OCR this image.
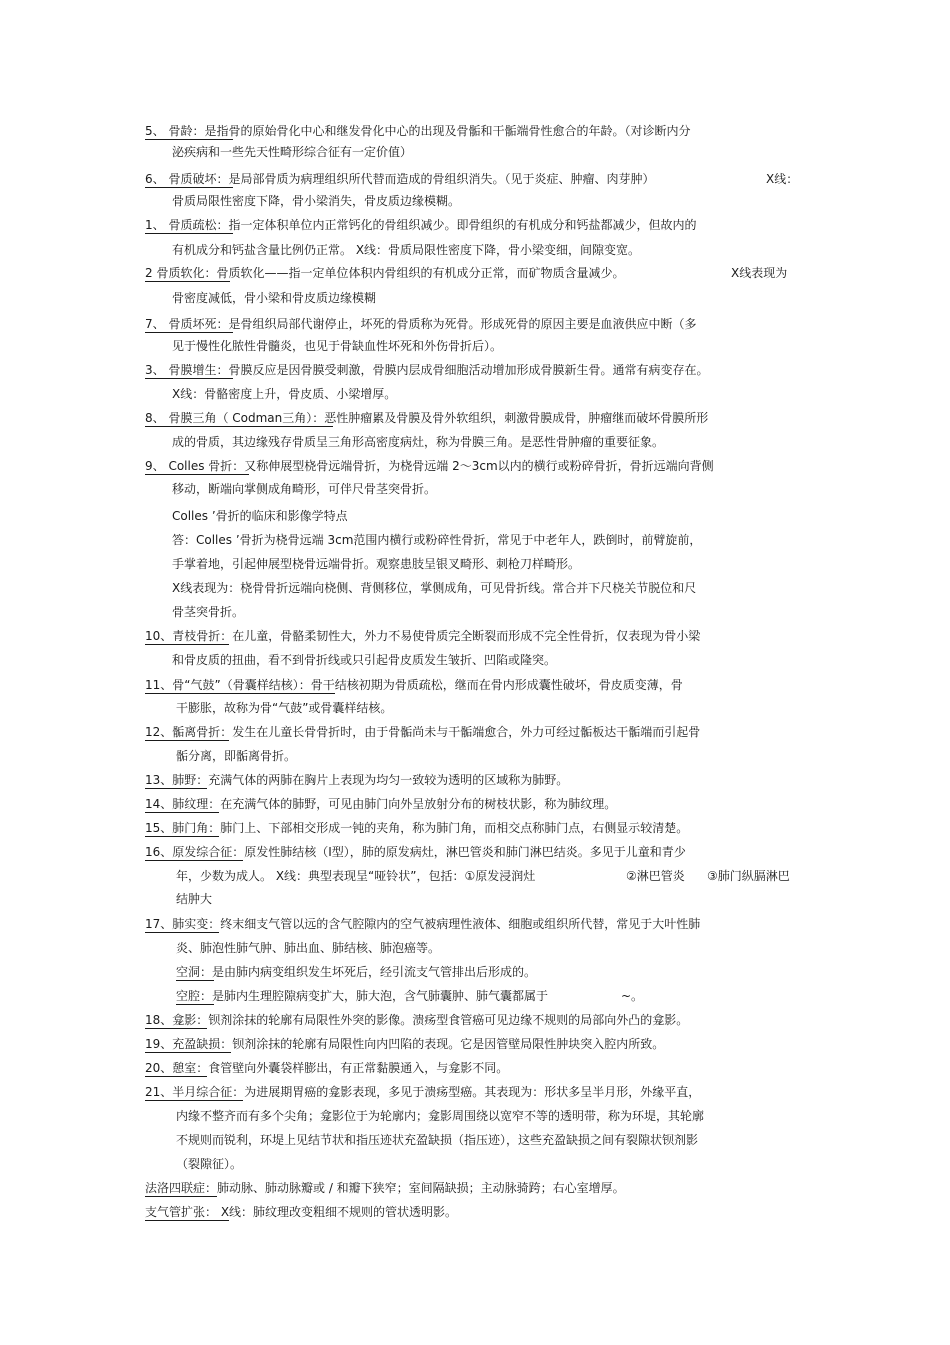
5、 骨龄：是指骨的原始骨化中心和继发骨化中心的出现及骨骺和干骺端骨性愈合的年龄。（对诊断内分
泌疾病和一些先天性畸形综合征有一定价值）
6、 骨质破坏：是局部骨质为病理组织所代替而造成的骨组织消失。（见于炎症、肿瘤、肉芽肿）	X线：
骨质局限性密度下降，骨小梁消失，骨皮质边缘模糊。
1、 骨质疏松：指一定体积单位内正常钙化的骨组织减少。即骨组织的有机成分和钙盐都减少，但故内的
有机成分和钙盐含量比例仍正常。 X线：骨质局限性密度下降，骨小梁变细，间隙变宽。
2 骨质软化：骨质软化——指一定单位体积内骨组织的有机成分正常，而矿物质含量减少。	X线表现为
骨密度减低，骨小梁和骨皮质边缘模糊
7、 骨质坏死：是骨组织局部代谢停止，坏死的骨质称为死骨。形成死骨的原因主要是血液供应中断（多
见于慢性化脓性骨髓炎，也见于骨缺血性坏死和外伤骨折后）。
3、 骨膜增生：骨膜反应是因骨膜受刺激，骨膜内层成骨细胞活动增加形成骨膜新生骨。通常有病变存在。
X线：骨骼密度上升，骨皮质、小梁增厚。
8、 骨膜三角（ Codman三角）：恶性肿瘤累及骨膜及骨外软组织，刺激骨膜成骨，肿瘤继而破坏骨膜所形
成的骨质，其边缘残存骨质呈三角形高密度病灶，称为骨膜三角。是恶性骨肿瘤的重要征象。
9、 Colles 骨折：又称伸展型桡骨远端骨折，为桡骨远端 2～3cm以内的横行或粉碎骨折，骨折远端向背侧
移动，断端向掌侧成角畸形，可伴尺骨茎突骨折。
Colles ’骨折的临床和影像学特点
答：Colles ’骨折为桡骨远端 3cm范围内横行或粉碎性骨折，常见于中老年人，跌倒时，前臂旋前，
手掌着地，引起伸展型桡骨远端骨折。观察患肢呈银叉畸形、刺枪刀样畸形。
X线表现为：桡骨骨折远端向桡侧、背侧移位，掌侧成角，可见骨折线。常合并下尺桡关节脱位和尺
骨茎突骨折。
10、青枝骨折：在儿童，骨骼柔韧性大，外力不易使骨质完全断裂而形成不完全性骨折，仅表现为骨小梁
和骨皮质的扭曲，看不到骨折线或只引起骨皮质发生皱折、凹陷或隆突。
11、骨“气鼓”（骨囊样结核）：骨干结核初期为骨质疏松，继而在骨内形成囊性破坏，骨皮质变薄，骨
干膨胀，故称为骨“气鼓”或骨囊样结核。
12、骺离骨折：发生在儿童长骨骨折时，由于骨骺尚未与干骺端愈合，外力可经过骺板达干骺端而引起骨
骺分离，即骺离骨折。
13、肺野：充满气体的两肺在胸片上表现为均匀一致较为透明的区域称为肺野。
14、肺纹理：在充满气体的肺野，可见由肺门向外呈放射分布的树枝状影，称为肺纹理。
15、肺门角：肺门上、下部相交形成一钝的夹角，称为肺门角，而相交点称肺门点，右侧显示较清楚。
16、原发综合征：原发性肺结核（Ⅰ型），肺的原发病灶，淋巴管炎和肺门淋巴结炎。多见于儿童和青少
年，少数为成人。 X线：典型表现呈“哑铃状”，包括：①原发浸润灶	②淋巴管炎 ③肺门纵膈淋巴
结肿大
17、肺实变：终末细支气管以远的含气腔隙内的空气被病理性液体、细胞或组织所代替，常见于大叶性肺
炎、肺泡性肺气肿、肺出血、肺结核、肺泡癌等。
空洞：是由肺内病变组织发生坏死后，经引流支气管排出后形成的。
空腔：是肺内生理腔隙病变扩大，肺大泡，含气肺囊肿、肺气囊都属于	~。
18、龛影：钡剂涂抹的轮廓有局限性外突的影像。溃疡型食管癌可见边缘不规则的局部向外凸的龛影。
19、充盈缺损：钡剂涂抹的轮廓有局限性向内凹陷的表现。它是因管壁局限性肿块突入腔内所致。
20、憩室：食管壁向外囊袋样膨出，有正常黏膜通入，与龛影不同。
21、半月综合征：为进展期胃癌的龛影表现，多见于溃疡型癌。其表现为：形状多呈半月形，外缘平直，
内缘不整齐而有多个尖角；龛影位于为轮廓内；龛影周围绕以宽窄不等的透明带，称为环堤，其轮廓
不规则而锐利，环堤上见结节状和指压迹状充盈缺损（指压迹），这些充盈缺损之间有裂隙状钡剂影
（裂隙征）。
法洛四联症：肺动脉、肺动脉瓣或 / 和瓣下狭窄；室间隔缺损；主动脉骑跨；右心室增厚。
支气管扩张： X线：肺纹理改变粗细不规则的管状透明影。
